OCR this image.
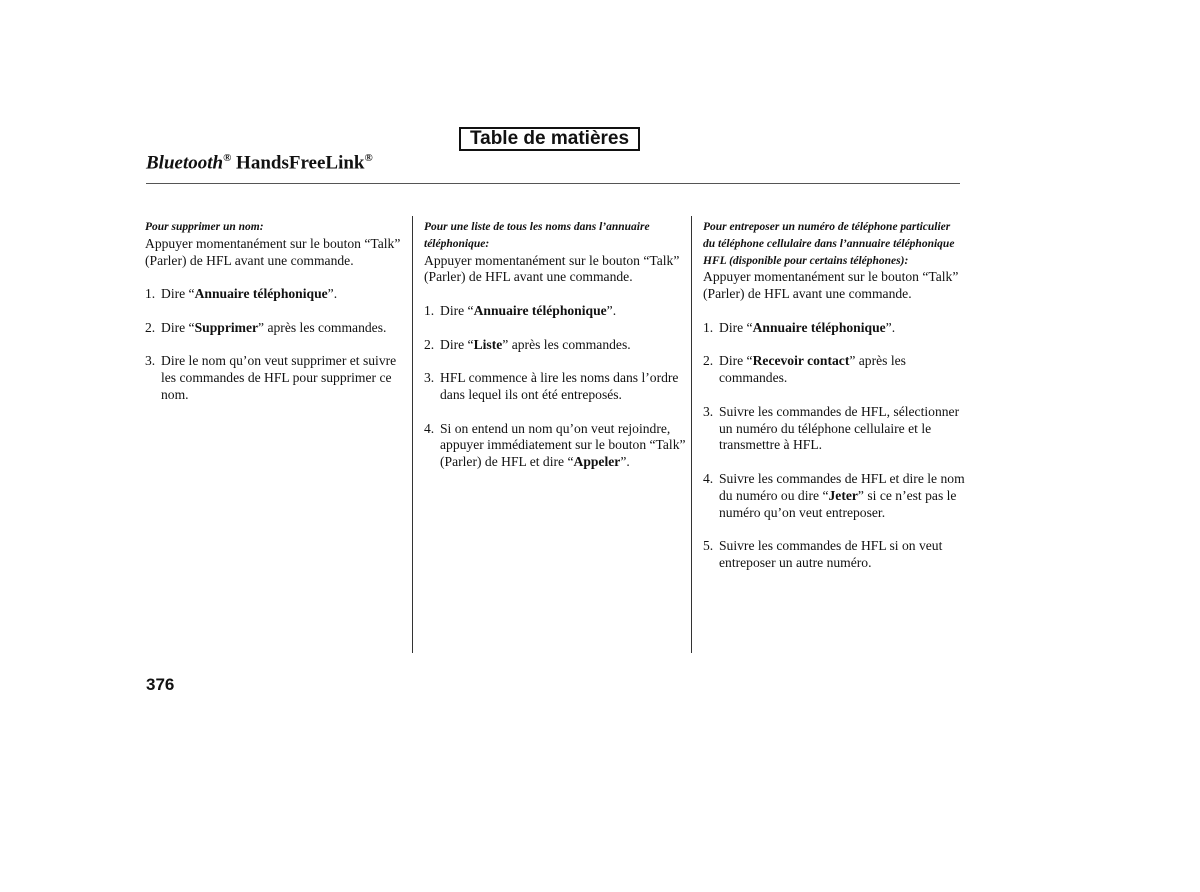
Table de matières
Bluetooth® HandsFreeLink®
Pour supprimer un nom:

Appuyer momentanément sur le bouton “Talk” (Parler) de HFL avant une commande.

1. Dire “Annuaire téléphonique”.
2. Dire “Supprimer” après les commandes.
3. Dire le nom qu’on veut supprimer et suivre les commandes de HFL pour supprimer ce nom.
Pour une liste de tous les noms dans l’annuaire téléphonique:

Appuyer momentanément sur le bouton “Talk” (Parler) de HFL avant une commande.

1. Dire “Annuaire téléphonique”.
2. Dire “Liste” après les commandes.
3. HFL commence à lire les noms dans l’ordre dans lequel ils ont été entreposés.
4. Si on entend un nom qu’on veut rejoindre, appuyer immédiatement sur le bouton “Talk” (Parler) de HFL et dire “Appeler”.
Pour entreposer un numéro de téléphone particulier du téléphone cellulaire dans l’annuaire téléphonique HFL (disponible pour certains téléphones):

Appuyer momentanément sur le bouton “Talk” (Parler) de HFL avant une commande.

1. Dire “Annuaire téléphonique”.
2. Dire “Recevoir contact” après les commandes.
3. Suivre les commandes de HFL, sélectionner un numéro du téléphone cellulaire et le transmettre à HFL.
4. Suivre les commandes de HFL et dire le nom du numéro ou dire “Jeter” si ce n’est pas le numéro qu’on veut entreposer.
5. Suivre les commandes de HFL si on veut entreposer un autre numéro.
376
